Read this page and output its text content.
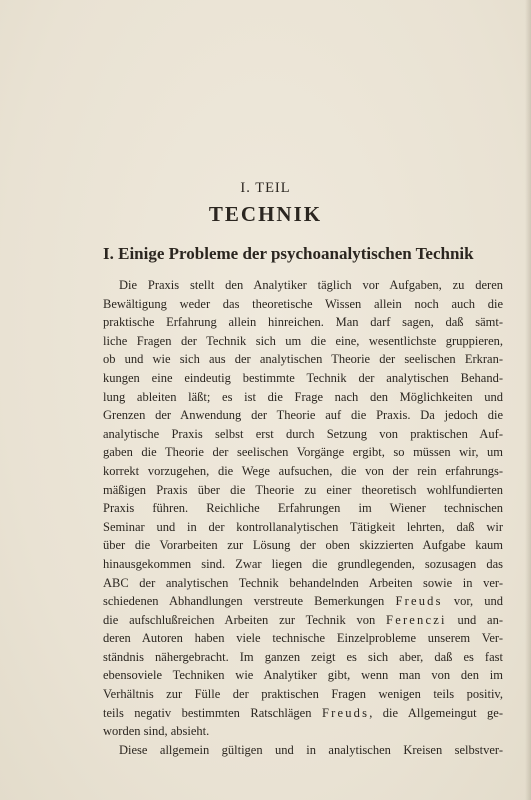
I. TEIL
TECHNIK
I. Einige Probleme der psychoanalytischen Technik
Die Praxis stellt den Analytiker täglich vor Aufgaben, zu deren
Bewältigung weder das theoretische Wissen allein noch auch die
praktische Erfahrung allein hinreichen. Man darf sagen, daß sämt-
liche Fragen der Technik sich um die eine, wesentlichste gruppieren,
ob und wie sich aus der analytischen Theorie der seelischen Erkran-
kungen eine eindeutig bestimmte Technik der analytischen Behand-
lung ableiten läßt; es ist die Frage nach den Möglichkeiten und
Grenzen der Anwendung der Theorie auf die Praxis. Da jedoch die
analytische Praxis selbst erst durch Setzung von praktischen Auf-
gaben die Theorie der seelischen Vorgänge ergibt, so müssen wir, um
korrekt vorzugehen, die Wege aufsuchen, die von der rein erfahrungs-
mäßigen Praxis über die Theorie zu einer theoretisch wohlfundierten
Praxis führen. Reichliche Erfahrungen im Wiener technischen
Seminar und in der kontrollanalytischen Tätigkeit lehrten, daß wir
über die Vorarbeiten zur Lösung der oben skizzierten Aufgabe kaum
hinausgekommen sind. Zwar liegen die grundlegenden, sozusagen das
ABC der analytischen Technik behandelnden Arbeiten sowie in ver-
schiedenen Abhandlungen verstreute Bemerkungen Freuds vor, und
die aufschlußreichen Arbeiten zur Technik von Ferenczi und an-
deren Autoren haben viele technische Einzelprobleme unserem Ver-
ständnis nähergebracht. Im ganzen zeigt es sich aber, daß es fast
ebensoviele Techniken wie Analytiker gibt, wenn man von den im
Verhältnis zur Fülle der praktischen Fragen wenigen teils positiv,
teils negativ bestimmten Ratschlägen Freuds, die Allgemeingut ge-
worden sind, absieht.
Diese allgemein gültigen und in analytischen Kreisen selbstver-
